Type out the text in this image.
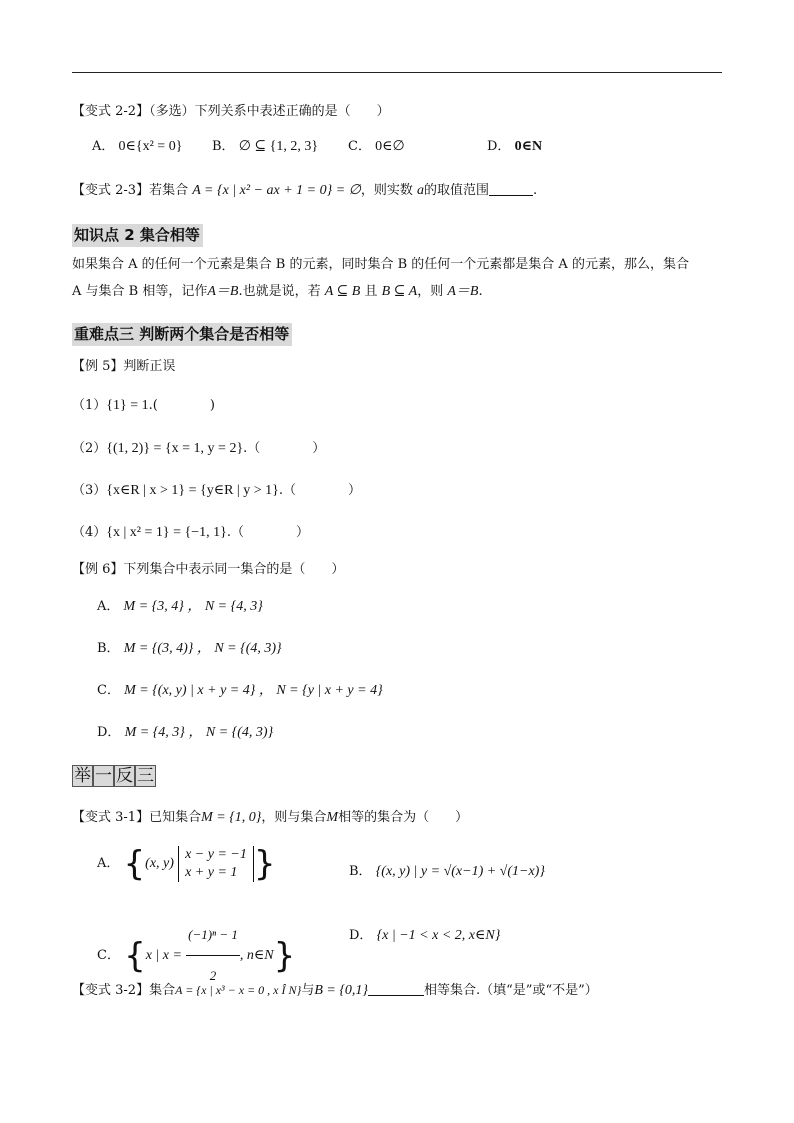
【变式 2-2】（多选）下列关系中表述正确的是（　　）
A． 0∈{x² = 0} B． ∅ ⊆ {1, 2, 3} C． 0∈∅	D． 0∈N
【变式 2-3】若集合 A = {x | x² − ax + 1 = 0} = ∅，则实数 a的取值范围	.
知识点 2 集合相等
如果集合 A 的任何一个元素是集合 B 的元素，同时集合 B 的任何一个元素都是集合 A 的元素，那么，集合
A 与集合 B 相等，记作A＝B.也就是说，若 A ⊆ B 且 B ⊆ A，则 A＝B.
重难点三 判断两个集合是否相等
【例 5】判断正误
（1）{1} = 1.(　　　　)
（2）{(1, 2)} = {x = 1, y = 2}.（　　　　）
（3）{x∈R | x > 1} = {y∈R | y > 1}.（　　　　）
（4）{x | x² = 1} = {−1, 1}.（　　　　）
【例 6】下列集合中表示同一集合的是（　　）
A． M = {3, 4} ， N = {4, 3}
B． M = {(3, 4)} ， N = {(4, 3)}
C． M = {(x, y) | x + y = 4} ， N = {y | x + y = 4}
D． M = {4, 3} ， N = {(4, 3)}
举 一 反 三
【变式 3-1】已知集合M = {1, 0}，则与集合M相等的集合为（　　）
A． {(x, y)
x − y = −1
x + y = 1 }	B． {(x, y) | y = √(x−1) + √(1−x)}
C． {x | $x = \frac{\text{(−1)ⁿ − 1}}{2}$ , n∈N}
D． {x | −1 < x < 2, x∈N}
【变式 3-2】集合A = {x | x³ − x = 0 , x Î N}与B = {0,1}	相等集合.（填“是”或“不是”）
